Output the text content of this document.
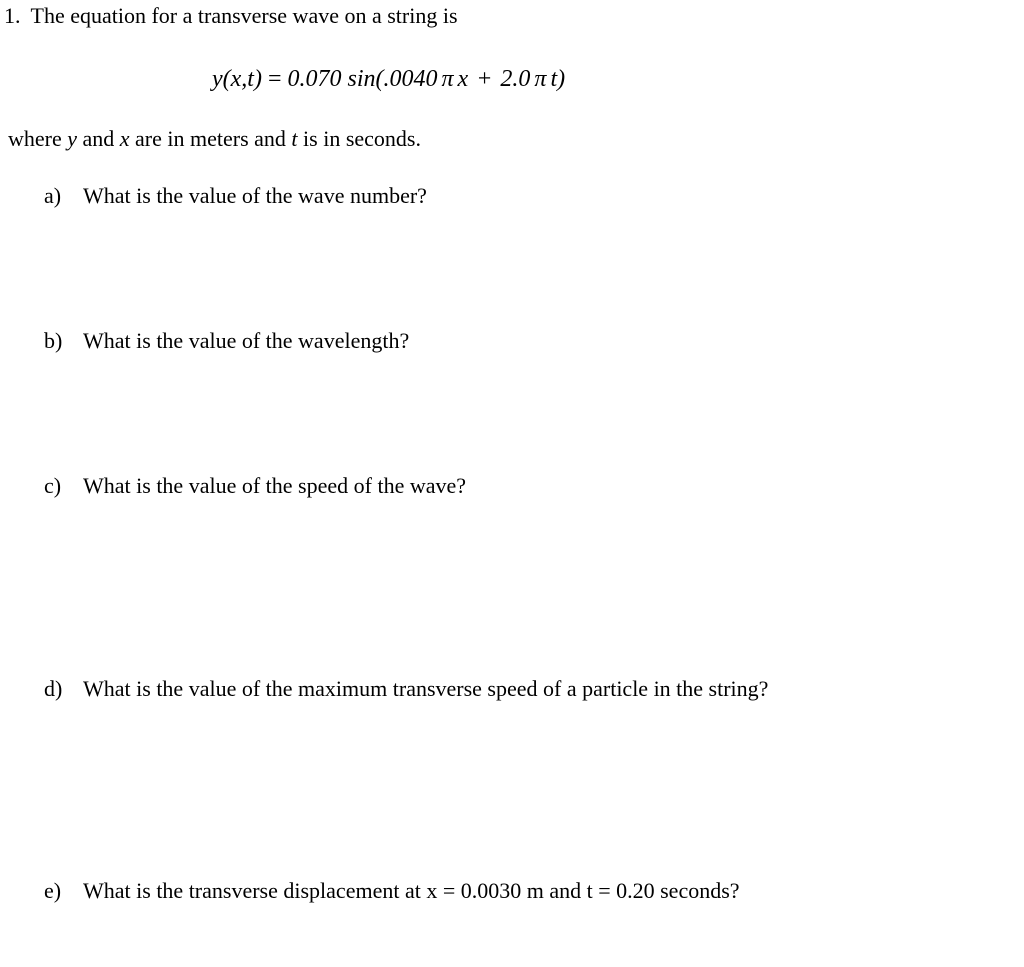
1. The equation for a transverse wave on a string is
y(x,t) = 0.070 sin(.0040 π x + 2.0 π t)
where y and x are in meters and t is in seconds.
a) What is the value of the wave number?
b) What is the value of the wavelength?
c) What is the value of the speed of the wave?
d) What is the value of the maximum transverse speed of a particle in the string?
e) What is the transverse displacement at x = 0.0030 m and t = 0.20 seconds?
